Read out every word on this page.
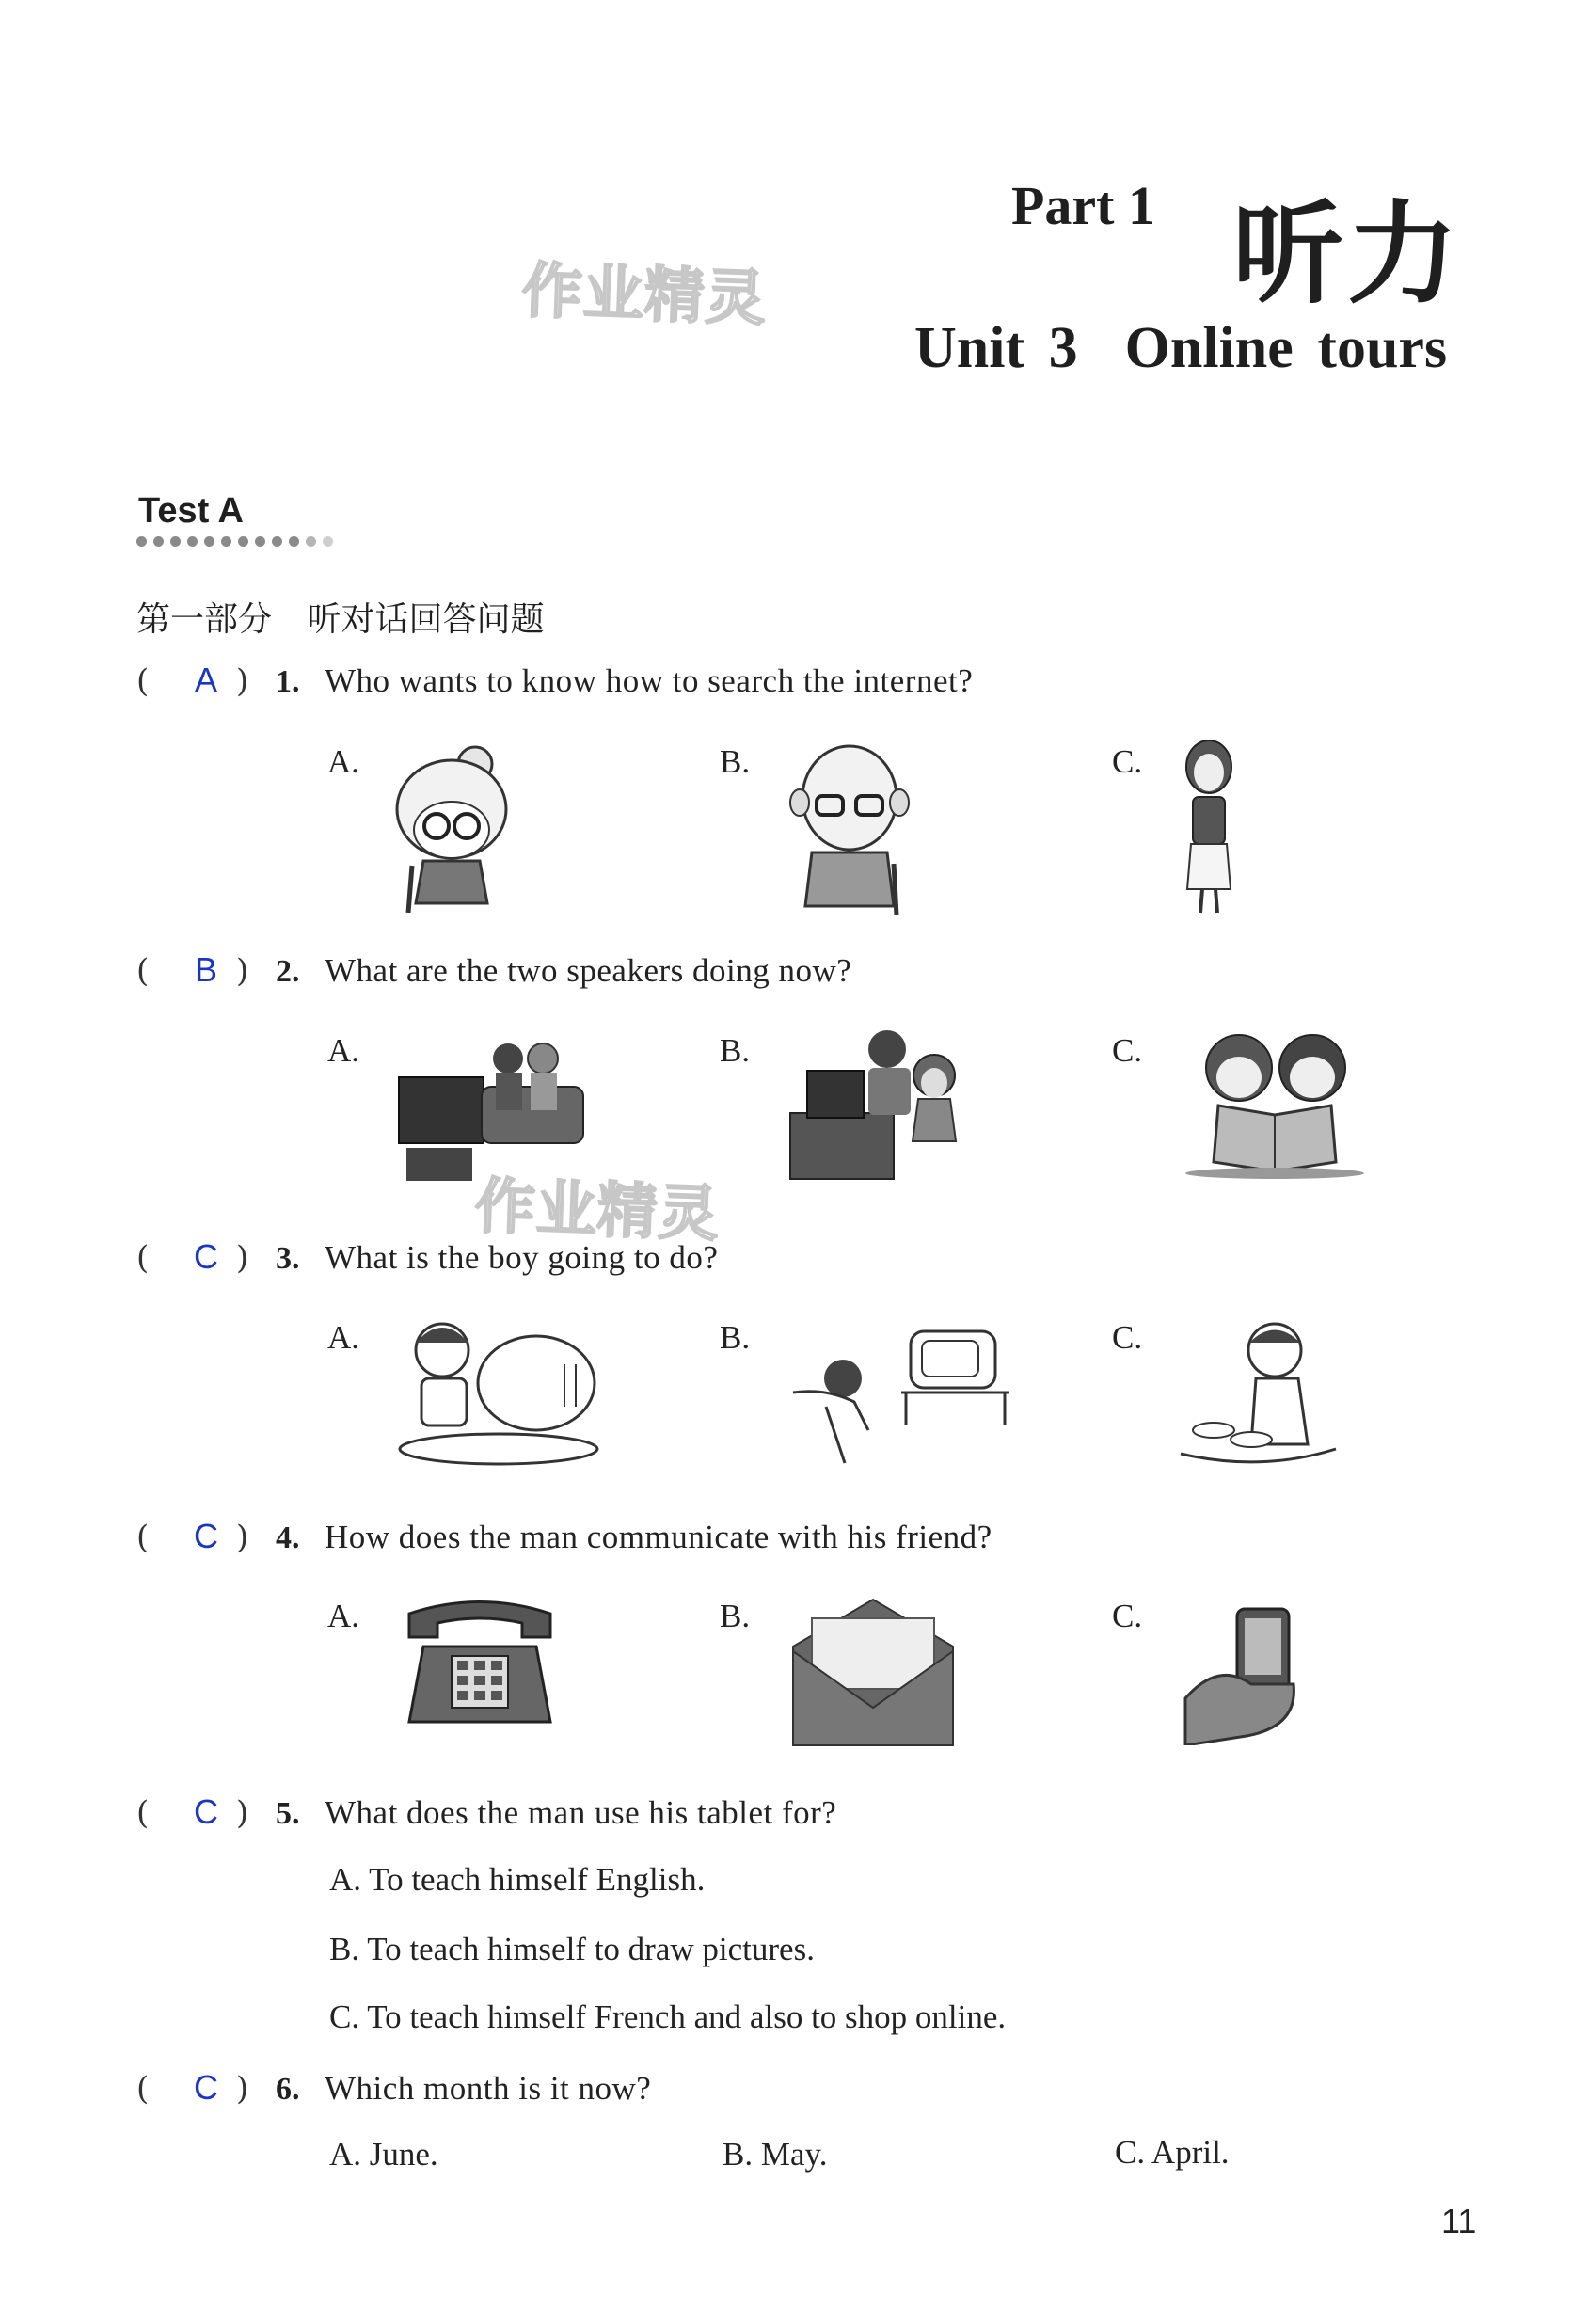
Part 1 听力
Unit 3 Online tours
作业精灵
作业精灵
Test A
第一部分 听对话回答问题
(	A ) 1. Who wants to know how to search the internet?
A.	B.	C.
(	B ) 2. What are the two speakers doing now?
A.	B.	C.
(	C ) 3. What is the boy going to do?
A.	B.	C.
(	C ) 4. How does the man communicate with his friend?
A.	B.	C.
(	C ) 5. What does the man use his tablet for?
A. To teach himself English.
B. To teach himself to draw pictures.
C. To teach himself French and also to shop online.
(	C ) 6. Which month is it now?
A. June.	B. May.	C. April.
11
